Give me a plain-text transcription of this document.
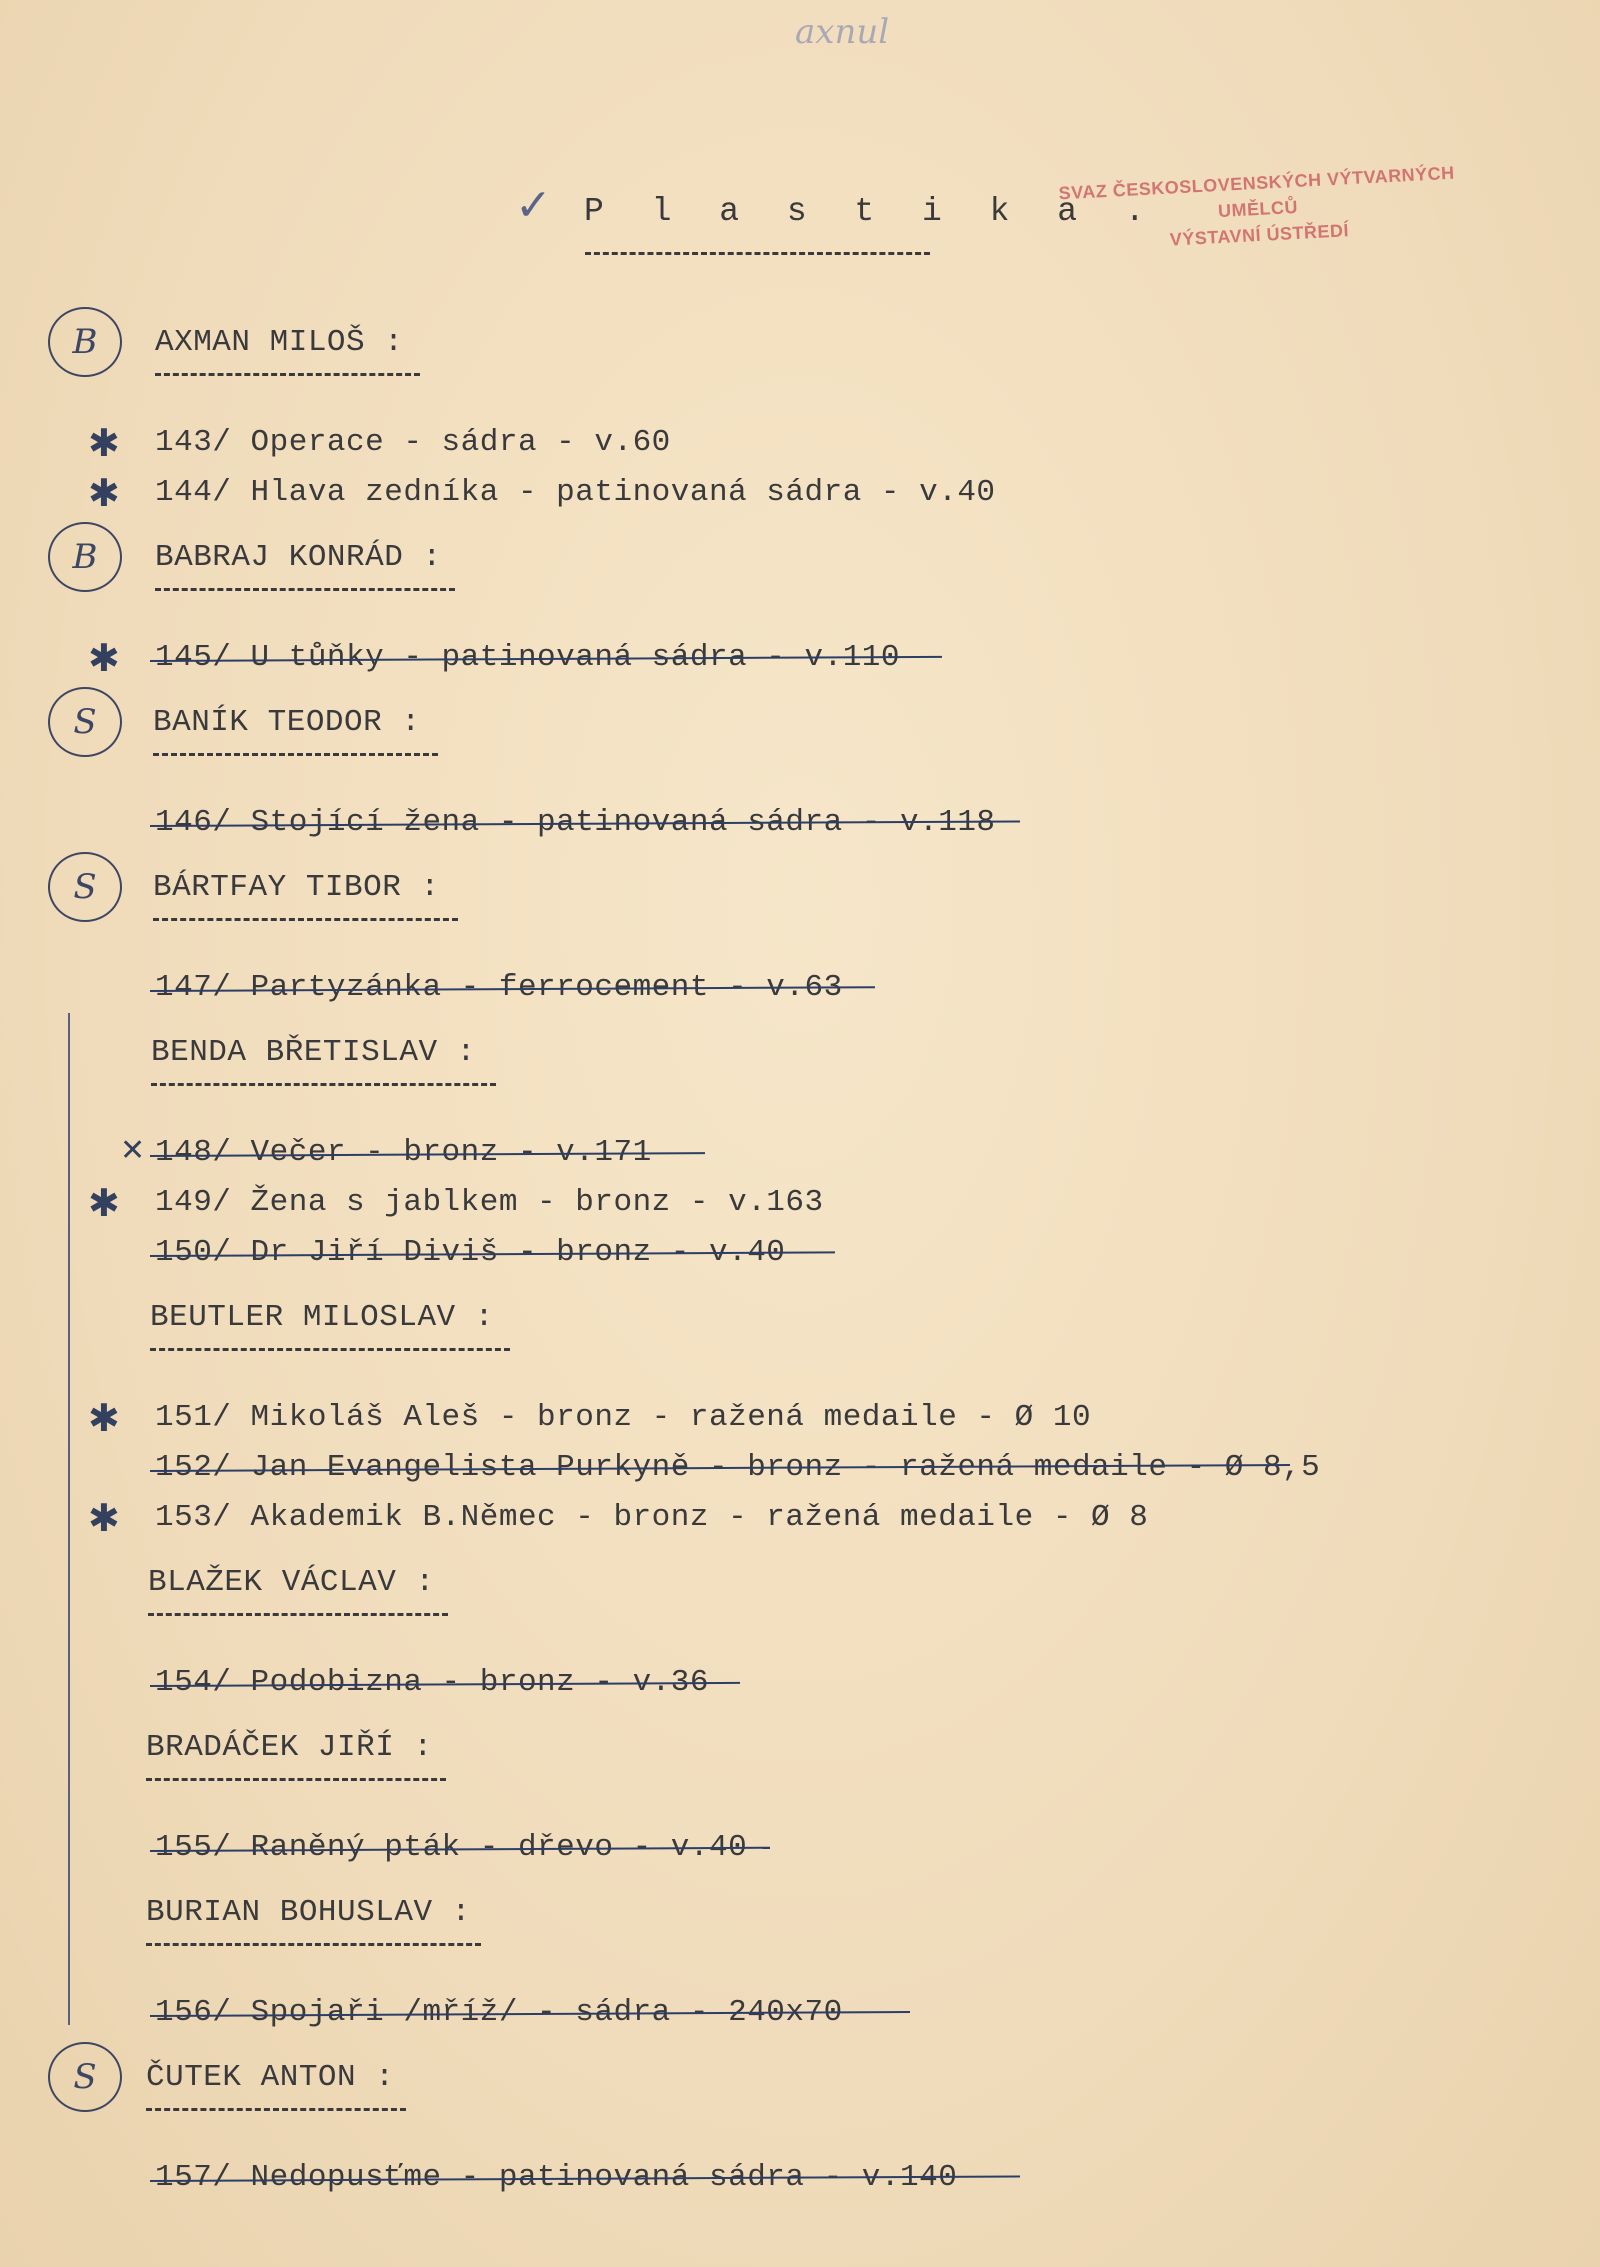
axnul
✓ P l a s t i k a .
SVAZ ČESKOSLOVENSKÝCH VÝTVARNÝCH UMĚLCŮ
VÝSTAVNÍ ÚSTŘEDÍ
AXMAN MILOŠ :
B
143/ Operace - sádra - v.60
✱
144/ Hlava zedníka - patinovaná sádra - v.40
✱
BABRAJ KONRÁD :
B
145/ U tůňky - patinovaná sádra - v.110
✱
BANÍK TEODOR :
S
146/ Stojící žena - patinovaná sádra - v.118
BÁRTFAY TIBOR :
S
147/ Partyzánka - ferrocement - v.63
BENDA BŘETISLAV :
148/ Večer - bronz - v.171
✕
149/ Žena s jablkem - bronz - v.163
✱
150/ Dr Jiří Diviš - bronz - v.40
BEUTLER MILOSLAV :
151/ Mikoláš Aleš - bronz - ražená medaile - Ø 10
✱
152/ Jan Evangelista Purkyně - bronz - ražená medaile - Ø 8,5
153/ Akademik B.Němec - bronz - ražená medaile - Ø 8
✱
BLAŽEK VÁCLAV :
154/ Podobizna - bronz - v.36
BRADÁČEK JIŘÍ :
155/ Raněný pták - dřevo - v.40
BURIAN BOHUSLAV :
156/ Spojaři /mříž/ - sádra - 240x70
ČUTEK ANTON :
S
157/ Nedopusťme - patinovaná sádra - v.140
